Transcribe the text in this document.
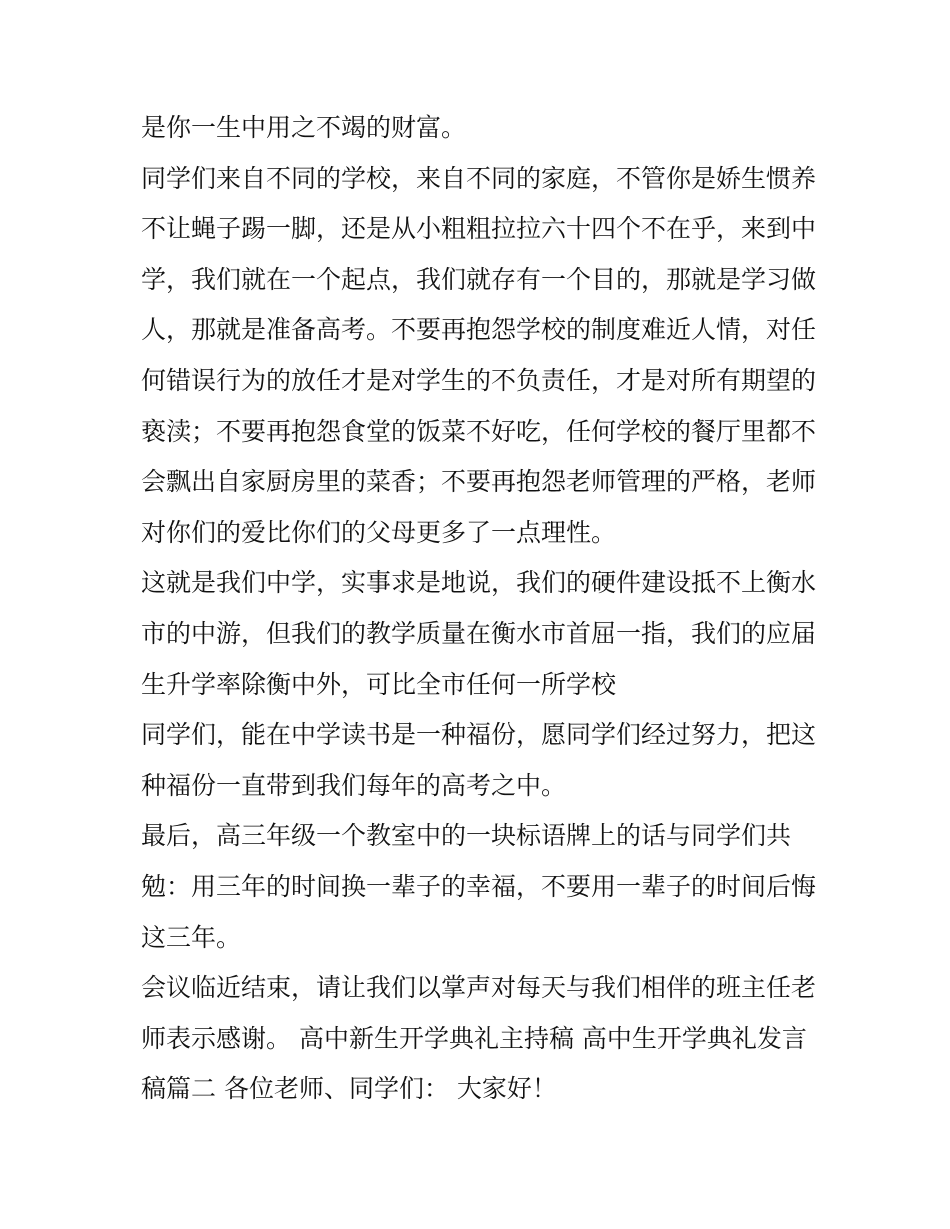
是你一生中用之不竭的财富。
同学们来自不同的学校，来自不同的家庭，不管你是娇生惯养
不让蝇子踢一脚，还是从小粗粗拉拉六十四个不在乎，来到中
学，我们就在一个起点，我们就存有一个目的，那就是学习做
人，那就是准备高考。不要再抱怨学校的制度难近人情，对任
何错误行为的放任才是对学生的不负责任，才是对所有期望的
亵渎；不要再抱怨食堂的饭菜不好吃，任何学校的餐厅里都不
会飘出自家厨房里的菜香；不要再抱怨老师管理的严格，老师
对你们的爱比你们的父母更多了一点理性。
这就是我们中学，实事求是地说，我们的硬件建设抵不上衡水
市的中游，但我们的教学质量在衡水市首屈一指，我们的应届
生升学率除衡中外，可比全市任何一所学校
同学们，能在中学读书是一种福份，愿同学们经过努力，把这
种福份一直带到我们每年的高考之中。
最后，高三年级一个教室中的一块标语牌上的话与同学们共
勉：用三年的时间换一辈子的幸福，不要用一辈子的时间后悔
这三年。
会议临近结束，请让我们以掌声对每天与我们相伴的班主任老
师表示感谢。 高中新生开学典礼主持稿 高中生开学典礼发言
稿篇二 各位老师、同学们： 大家好！
